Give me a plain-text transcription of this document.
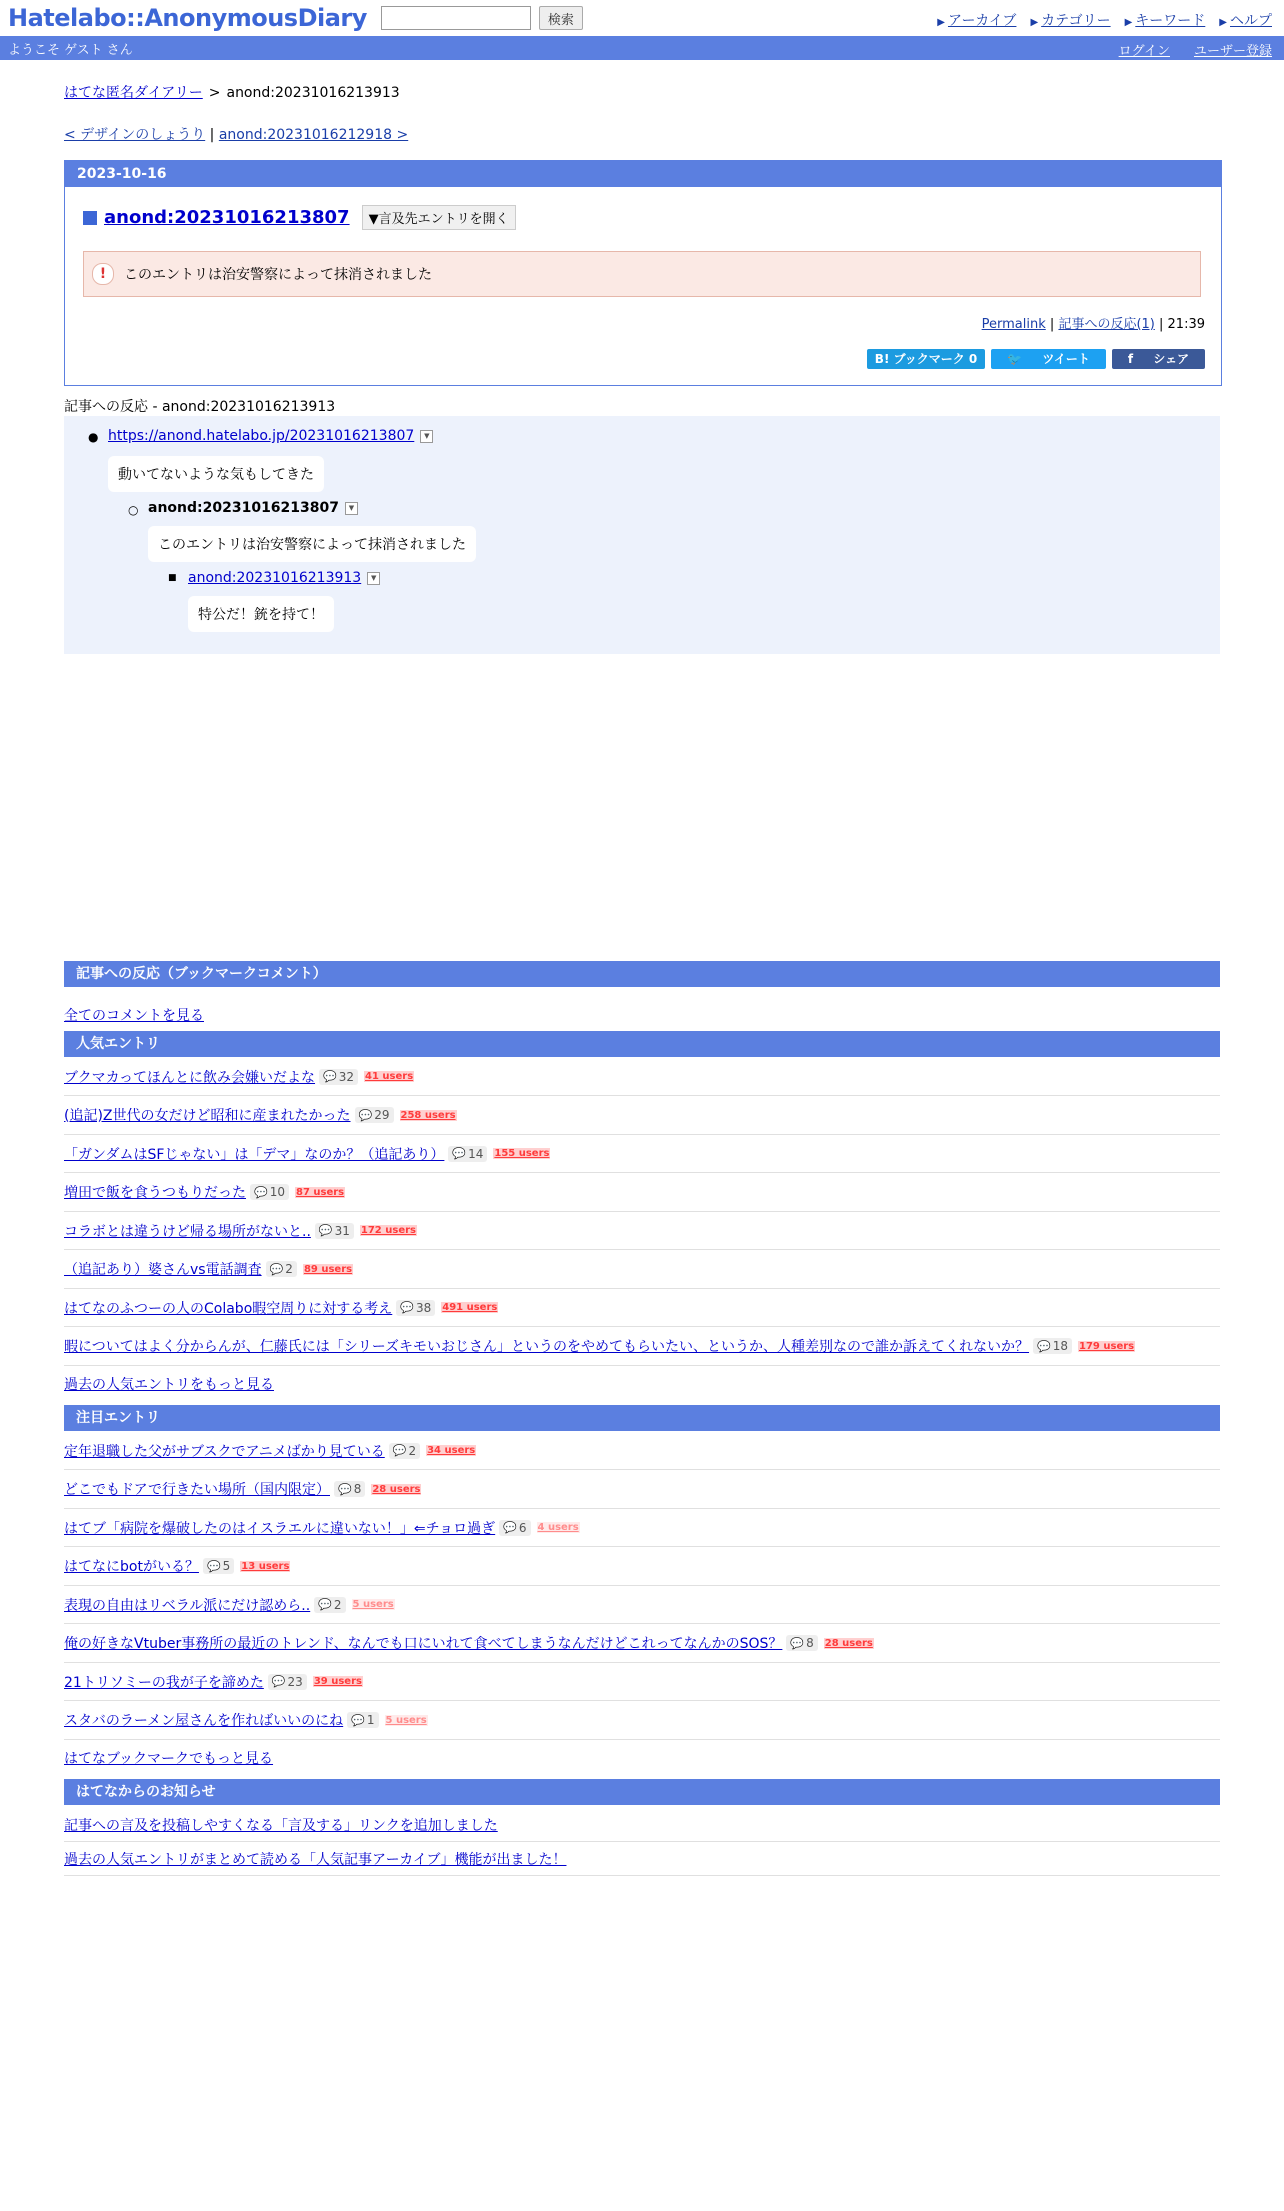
Hatelabo::AnonymousDiary	検索	▶ アーカイブ ▶ カテゴリー ▶ キーワード ▶ ヘルプ
ようこそ ゲスト さん	ログイン ユーザー登録
はてな匿名ダイアリー > anond:20231016213913
< デザインのしょうり | anond:20231016212918 >
2023-10-16
anond:20231016213807	▼言及先エントリを開く
!	このエントリは治安警察によって抹消されました
Permalink | 記事への反応(1) | 21:39
B! ブックマーク 0	🐦 ツイート	f シェア
記事への反応 - anond:20231016213913
● https://anond.hatelabo.jp/20231016213807	▼
動いてないような気もしてきた
○ anond:20231016213807	▼
このエントリは治安警察によって抹消されました
■ anond:20231016213913	▼
特公だ！銃を持て！
記事への反応（ブックマークコメント）
全てのコメントを見る
人気エントリ
ブクマカってほんとに飲み会嫌いだよな 💬 32 41 users
(追記)Z世代の女だけど昭和に産まれたかった 💬 29 258 users
「ガンダムはSFじゃない」は「デマ」なのか？（追記あり） 💬 14 155 users
増田で飯を食うつもりだった 💬 10 87 users
コラボとは違うけど帰る場所がないと.. 💬 31 172 users
（追記あり）婆さんvs電話調査 💬 2 89 users
はてなのふつーの人のColabo暇空周りに対する考え 💬 38 491 users
暇についてはよく分からんが、仁藤氏には「シリーズキモいおじさん」というのをやめてもらいたい、というか、人種差別なので誰か訴えてくれないか？ 💬 18 179 users
過去の人気エントリをもっと見る
注目エントリ
定年退職した父がサブスクでアニメばかり見ている 💬 2 34 users
どこでもドアで行きたい場所（国内限定） 💬 8 28 users
はてブ「病院を爆破したのはイスラエルに違いない！」⇐チョロ過ぎ 💬 6 4 users
はてなにbotがいる？ 💬 5 13 users
表現の自由はリベラル派にだけ認めら.. 💬 2 5 users
俺の好きなVtuber事務所の最近のトレンド、なんでも口にいれて食べてしまうなんだけどこれってなんかのSOS？ 💬 8 28 users
21トリソミーの我が子を諦めた 💬 23 39 users
スタバのラーメン屋さんを作ればいいのにね 💬 1 5 users
はてなブックマークでもっと見る
はてなからのお知らせ
記事への言及を投稿しやすくなる「言及する」リンクを追加しました
過去の人気エントリがまとめて読める「人気記事アーカイブ」機能が出ました！
